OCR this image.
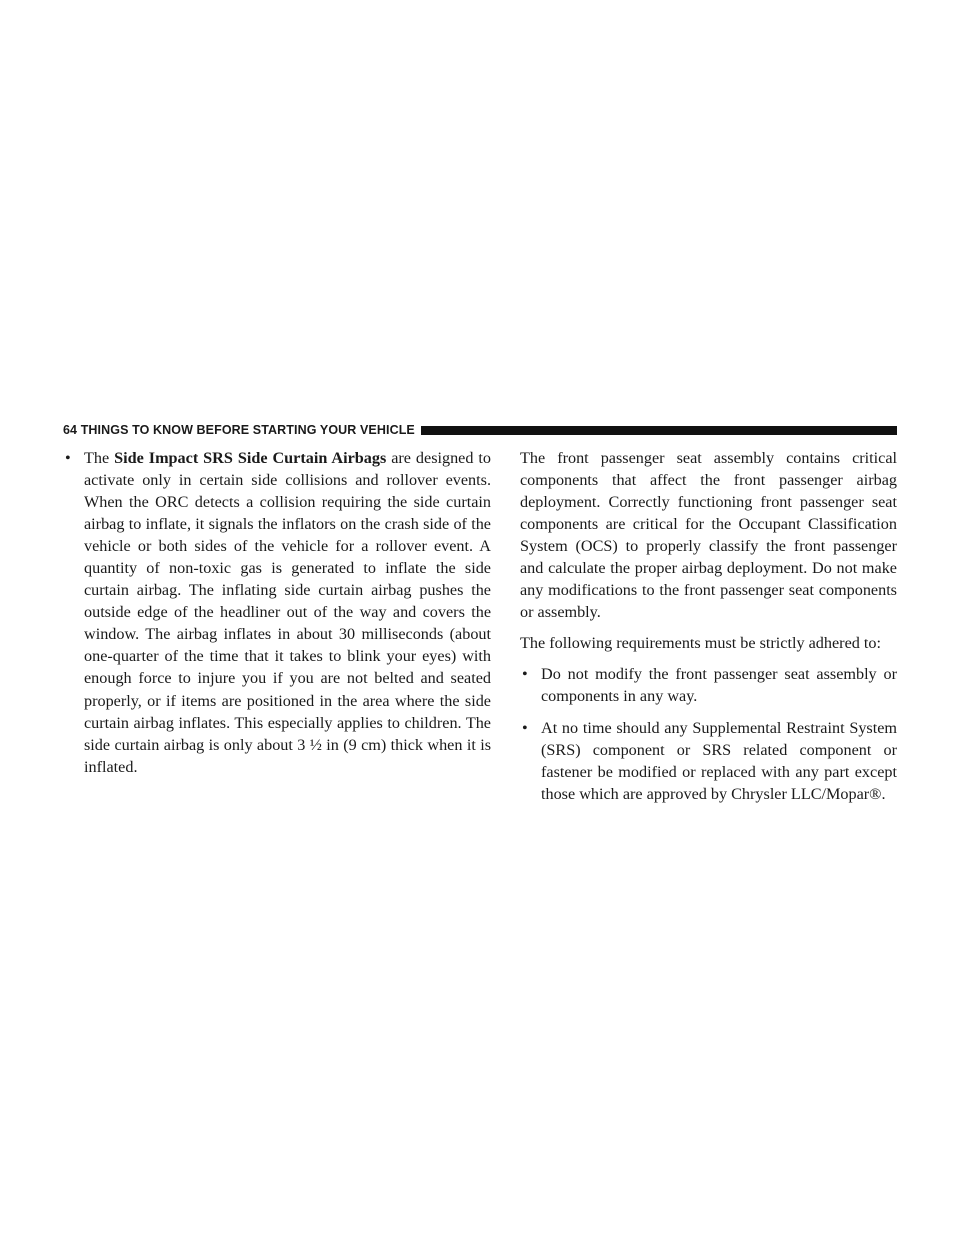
64 THINGS TO KNOW BEFORE STARTING YOUR VEHICLE
• The Side Impact SRS Side Curtain Airbags are designed to activate only in certain side collisions and rollover events. When the ORC detects a collision requiring the side curtain airbag to inflate, it signals the inflators on the crash side of the vehicle or both sides of the vehicle for a rollover event. A quantity of non-toxic gas is generated to inflate the side curtain airbag. The inflating side curtain airbag pushes the outside edge of the headliner out of the way and covers the window. The airbag inflates in about 30 milliseconds (about one-quarter of the time that it takes to blink your eyes) with enough force to injure you if you are not belted and seated properly, or if items are positioned in the area where the side curtain airbag inflates. This especially applies to children. The side curtain airbag is only about 3 ½ in (9 cm) thick when it is inflated.

The front passenger seat assembly contains critical components that affect the front passenger airbag deployment. Correctly functioning front passenger seat components are critical for the Occupant Classification System (OCS) to properly classify the front passenger and calculate the proper airbag deployment. Do not make any modifications to the front passenger seat components or assembly.

The following requirements must be strictly adhered to:

• Do not modify the front passenger seat assembly or components in any way.
• At no time should any Supplemental Restraint System (SRS) component or SRS related component or fastener be modified or replaced with any part except those which are approved by Chrysler LLC/Mopar®.
